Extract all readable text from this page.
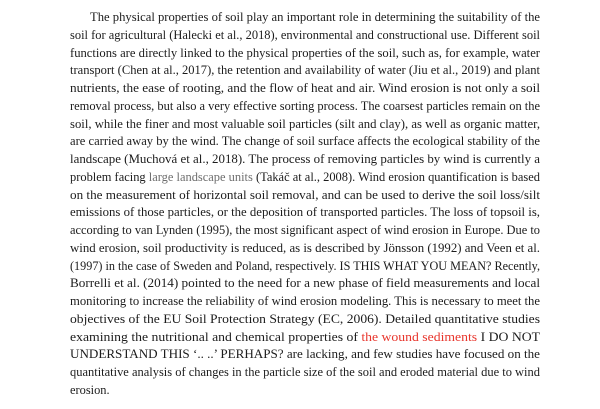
The physical properties of soil play an important role in determining the suitability of the
soil for agricultural (Halecki et al., 2018), environmental and constructional use. Different soil
functions are directly linked to the physical properties of the soil, such as, for example, water
transport (Chen at al., 2017), the retention and availability of water (Jiu et al., 2019) and plant
nutrients, the ease of rooting, and the flow of heat and air. Wind erosion is not only a soil
removal process, but also a very effective sorting process. The coarsest particles remain on the
soil, while the finer and most valuable soil particles (silt and clay), as well as organic matter,
are carried away by the wind. The change of soil surface affects the ecological stability of the
landscape (Muchová et al., 2018). The process of removing particles by wind is currently a
problem facing large landscape units (Takáč at al., 2008). Wind erosion quantification is based
on the measurement of horizontal soil removal, and can be used to derive the soil loss/silt
emissions of those particles, or the deposition of transported particles. The loss of topsoil is,
according to van Lynden (1995), the most significant aspect of wind erosion in Europe. Due to
wind erosion, soil productivity is reduced, as is described by Jönsson (1992) and Veen et al.
(1997) in the case of Sweden and Poland, respectively. IS THIS WHAT YOU MEAN? Recently,
Borrelli et al. (2014) pointed to the need for a new phase of field measurements and local
monitoring to increase the reliability of wind erosion modeling. This is necessary to meet the
objectives of the EU Soil Protection Strategy (EC, 2006). Detailed quantitative studies
examining the nutritional and chemical properties of the wound sediments I DO NOT
UNDERSTAND THIS ‘.. ..’ PERHAPS? are lacking, and few studies have focused on the
quantitative analysis of changes in the particle size of the soil and eroded material due to wind
erosion.
